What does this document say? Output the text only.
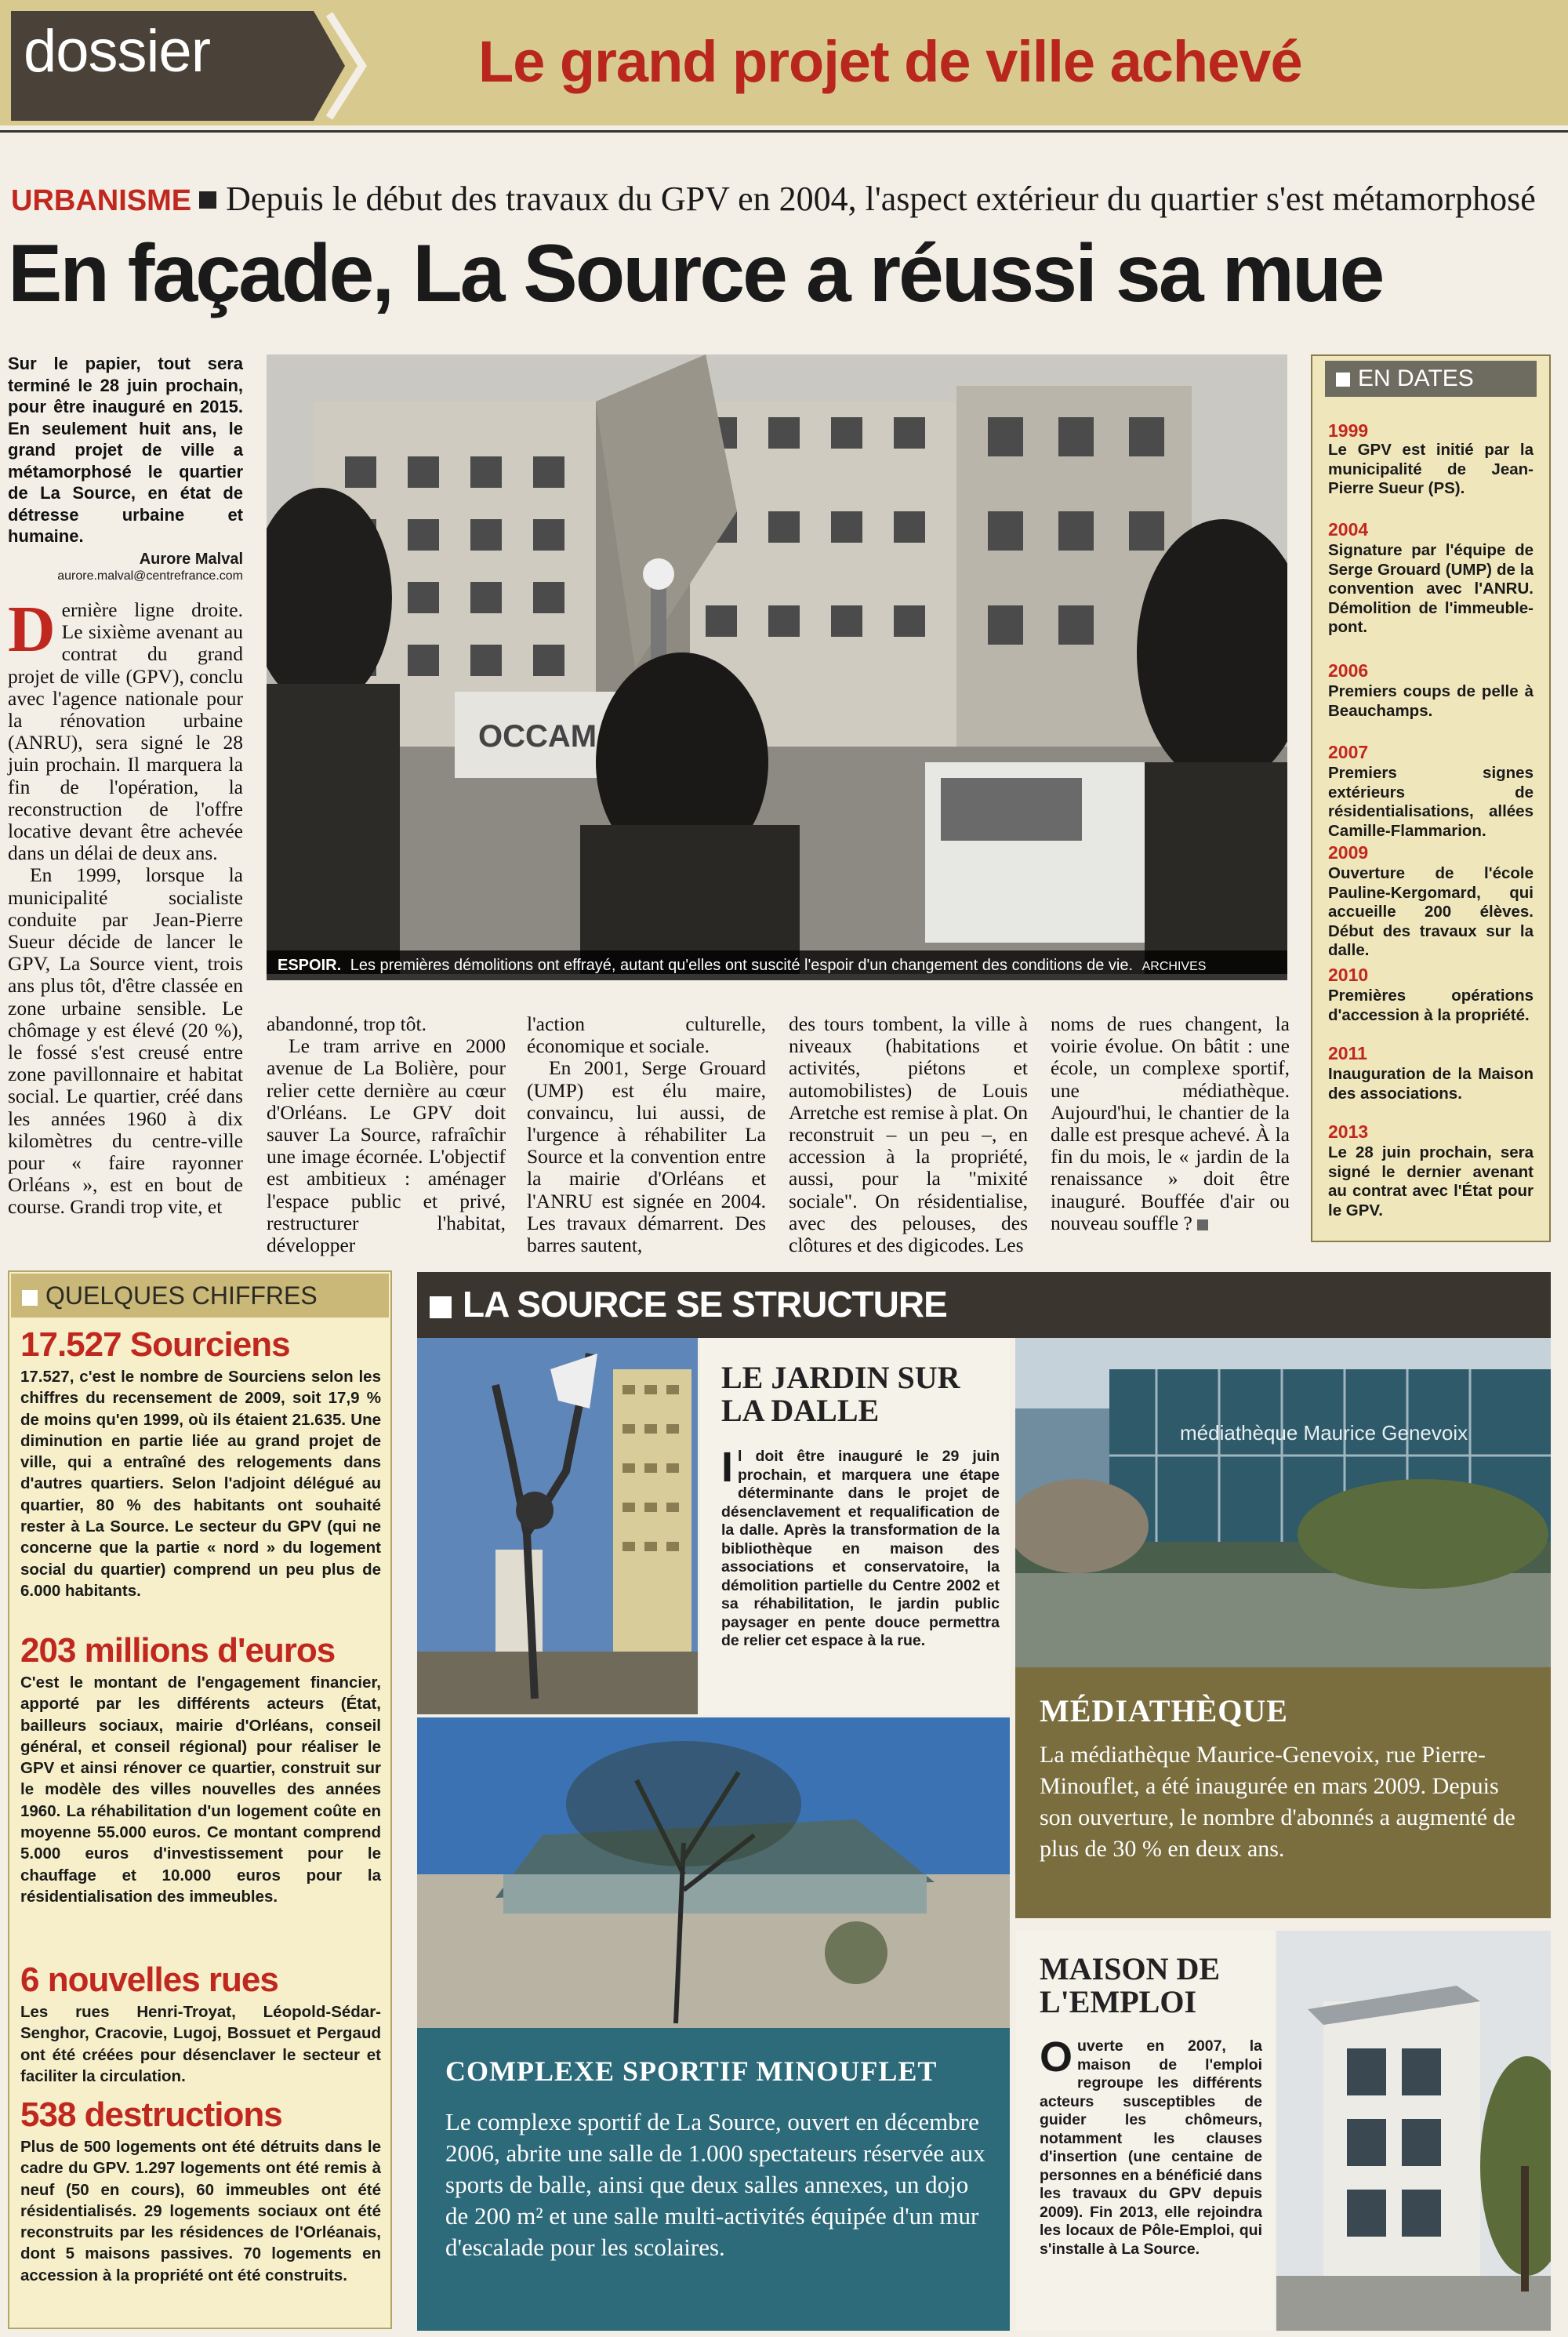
dossier	Le grand projet de ville achevé
URBANISME Depuis le début des travaux du GPV en 2004, l'aspect extérieur du quartier s'est métamorphosé
En façade, La Source a réussi sa mue
Sur le papier, tout sera terminé le 28 juin prochain, pour être inauguré en 2015. En seulement huit ans, le grand projet de ville a métamorphosé le quartier de La Source, en état de détresse urbaine et humaine.
Aurore Malval
aurore.malval@centrefrance.com

Dernière ligne droite. Le sixième avenant au contrat du grand projet de ville (GPV), conclu avec l'agence nationale pour la rénovation urbaine (ANRU), sera signé le 28 juin prochain. Il marquera la fin de l'opération, la reconstruction de l'offre locative devant être achevée dans un délai de deux ans.

En 1999, lorsque la municipalité socialiste conduite par Jean-Pierre Sueur décide de lancer le GPV, La Source vient, trois ans plus tôt, d'être classée en zone urbaine sensible. Le chômage y est élevé (20 %), le fossé s'est creusé entre zone pavillonnaire et habitat social. Le quartier, créé dans les années 1960 à dix kilomètres du centre-ville pour « faire rayonner Orléans », est en bout de course. Grandi trop vite, et

abandonné, trop tôt.

Le tram arrive en 2000 avenue de La Bolière, pour relier cette dernière au cœur d'Orléans. Le GPV doit sauver La Source, rafraîchir une image écornée. L'objectif est ambitieux : aménager l'espace public et privé, restructurer l'habitat, développer

l'action culturelle, économique et sociale.

En 2001, Serge Grouard (UMP) est élu maire, convaincu, lui aussi, de l'urgence à réhabiliter La Source et la convention entre la mairie d'Orléans et l'ANRU est signée en 2004. Les travaux démarrent. Des barres sautent,

des tours tombent, la ville à niveaux (habitations et activités, piétons et automobilistes) de Louis Arretche est remise à plat. On reconstruit – un peu –, en accession à la propriété, aussi, pour la "mixité sociale". On résidentialise, avec des pelouses, des clôtures et des digicodes. Les

noms de rues changent, la voirie évolue. On bâtit : une école, un complexe sportif, une médiathèque. Aujourd'hui, le chantier de la dalle est presque achevé. À la fin du mois, le « jardin de la renaissance » doit être inauguré. Bouffée d'air ou nouveau souffle ?

OCCAM
ESPOIR. Les premières démolitions ont effrayé, autant qu'elles ont suscité l'espoir d'un changement des conditions de vie. ARCHIVES
EN DATES
1999
Le GPV est initié par la municipalité de Jean-Pierre Sueur (PS).
2004
Signature par l'équipe de Serge Grouard (UMP) de la convention avec l'ANRU. Démolition de l'immeuble-pont.
2006
Premiers coups de pelle à Beauchamps.
2007
Premiers signes extérieurs de résidentialisations, allées Camille-Flammarion.
2009
Ouverture de l'école Pauline-Kergomard, qui accueille 200 élèves. Début des travaux sur la dalle.
2010
Premières opérations d'accession à la propriété.
2011
Inauguration de la Maison des associations.
2013
Le 28 juin prochain, sera signé le dernier avenant au contrat avec l'État pour le GPV.
QUELQUES CHIFFRES
17.527 Sourciens
17.527, c'est le nombre de Sourciens selon les chiffres du recensement de 2009, soit 17,9 % de moins qu'en 1999, où ils étaient 21.635. Une diminution en partie liée au grand projet de ville, qui a entraîné des relogements dans d'autres quartiers. Selon l'adjoint délégué au quartier, 80 % des habitants ont souhaité rester à La Source. Le secteur du GPV (qui ne concerne que la partie « nord » du logement social du quartier) comprend un peu plus de 6.000 habitants.
203 millions d'euros
C'est le montant de l'engagement financier, apporté par les différents acteurs (État, bailleurs sociaux, mairie d'Orléans, conseil général, et conseil régional) pour réaliser le GPV et ainsi rénover ce quartier, construit sur le modèle des villes nouvelles des années 1960. La réhabilitation d'un logement coûte en moyenne 55.000 euros. Ce montant comprend 5.000 euros d'investissement pour le chauffage et 10.000 euros pour la résidentialisation des immeubles.
6 nouvelles rues
Les rues Henri-Troyat, Léopold-Sédar-Senghor, Cracovie, Lugoj, Bossuet et Pergaud ont été créées pour désenclaver le secteur et faciliter la circulation.
538 destructions
Plus de 500 logements ont été détruits dans le cadre du GPV. 1.297 logements ont été remis à neuf (50 en cours), 60 immeubles ont été résidentialisés. 29 logements sociaux ont été reconstruits par les résidences de l'Orléanais, dont 5 maisons passives. 70 logements en accession à la propriété ont été construits.
LA SOURCE SE STRUCTURE
LE JARDIN SUR LA DALLE
Il doit être inauguré le 29 juin prochain, et marquera une étape déterminante dans le projet de désenclavement et requalification de la dalle. Après la transformation de la bibliothèque en maison des associations et conservatoire, la démolition partielle du Centre 2002 et sa réhabilitation, le jardin public paysager en pente douce permettra de relier cet espace à la rue.
médiathèque Maurice Genevoix
MÉDIATHÈQUE
La médiathèque Maurice-Genevoix, rue Pierre-Minouflet, a été inaugurée en mars 2009. Depuis son ouverture, le nombre d'abonnés a augmenté de plus de 30 % en deux ans.
COMPLEXE SPORTIF MINOUFLET
Le complexe sportif de La Source, ouvert en décembre 2006, abrite une salle de 1.000 spectateurs réservée aux sports de balle, ainsi que deux salles annexes, un dojo de 200 m² et une salle multi-activités équipée d'un mur d'escalade pour les scolaires.
MAISON DE L'EMPLOI
Ouverte en 2007, la maison de l'emploi regroupe les différents acteurs susceptibles de guider les chômeurs, notamment les clauses d'insertion (une centaine de personnes en a bénéficié dans les travaux du GPV depuis 2009). Fin 2013, elle rejoindra les locaux de Pôle-Emploi, qui s'installe à La Source.
